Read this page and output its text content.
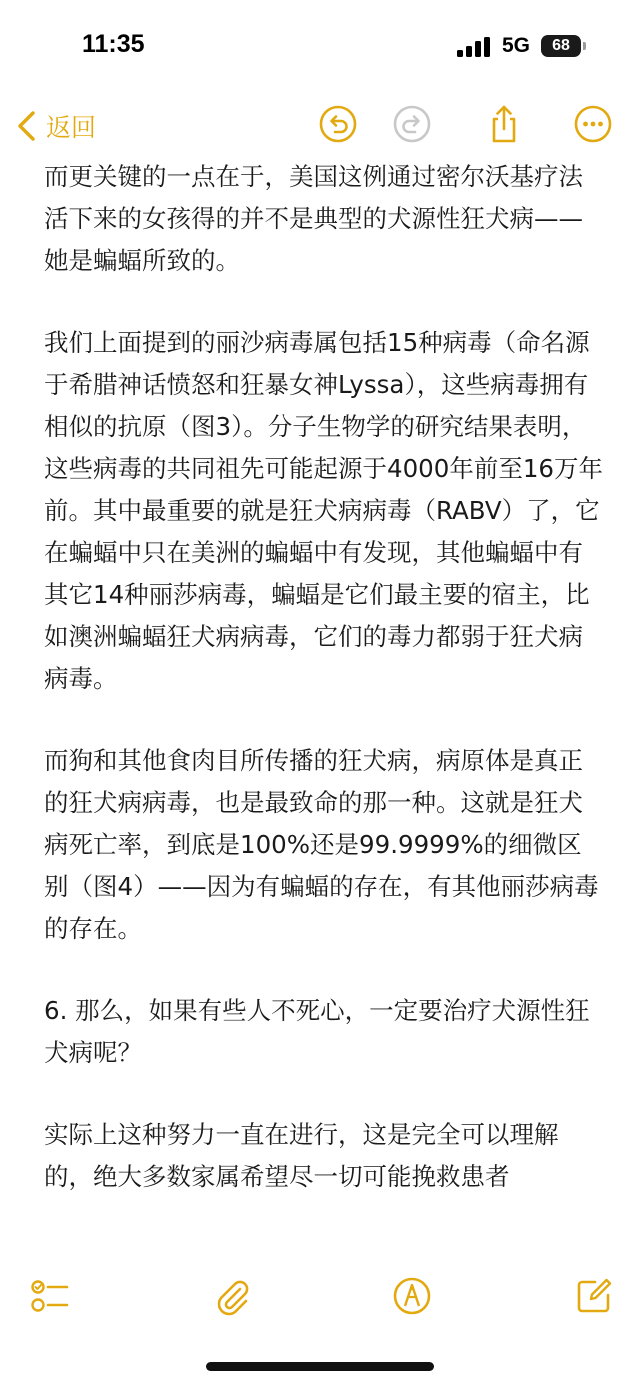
11:35	5G	68
返回

而更关键的一点在于，美国这例通过密尔沃基疗法活下来的女孩得的并不是典型的犬源性狂犬病——她是蝙蝠所致的。

我们上面提到的丽沙病毒属包括15种病毒（命名源于希腊神话愤怒和狂暴女神Lyssa），这些病毒拥有相似的抗原（图3）。分子生物学的研究结果表明，这些病毒的共同祖先可能起源于4000年前至16万年前。其中最重要的就是狂犬病病毒（RABV）了，它在蝙蝠中只在美洲的蝙蝠中有发现，其他蝙蝠中有其它14种丽莎病毒，蝙蝠是它们最主要的宿主，比如澳洲蝙蝠狂犬病病毒，它们的毒力都弱于狂犬病病毒。

而狗和其他食肉目所传播的狂犬病，病原体是真正的狂犬病病毒，也是最致命的那一种。这就是狂犬病死亡率，到底是100%还是99.9999%的细微区别（图4）——因为有蝙蝠的存在，有其他丽莎病毒的存在。

6. 那么，如果有些人不死心，一定要治疗犬源性狂犬病呢？

实际上这种努力一直在进行，这是完全可以理解的，绝大多数家属希望尽一切可能挽救患者
